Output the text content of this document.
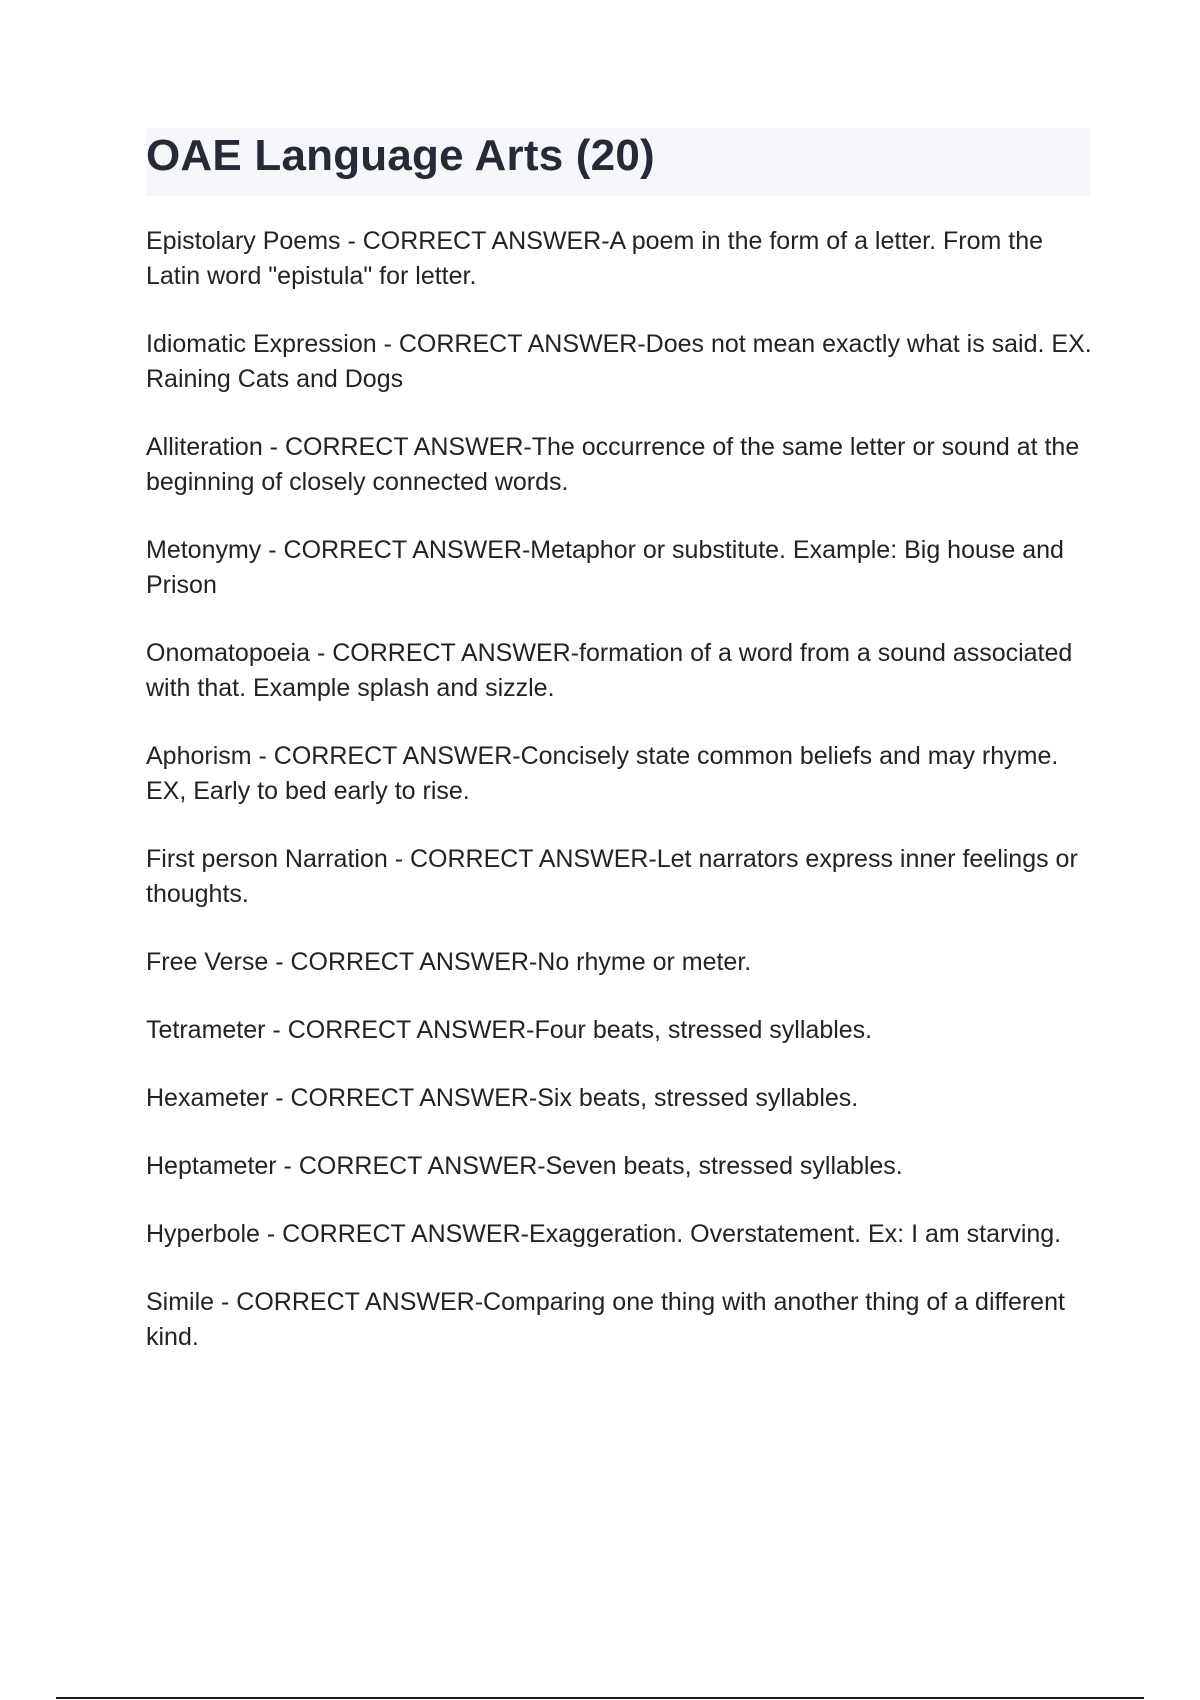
OAE Language Arts (20)
Epistolary Poems - CORRECT ANSWER-A poem in the form of a letter. From the Latin word "epistula" for letter.
Idiomatic Expression - CORRECT ANSWER-Does not mean exactly what is said. EX. Raining Cats and Dogs
Alliteration - CORRECT ANSWER-The occurrence of the same letter or sound at the beginning of closely connected words.
Metonymy - CORRECT ANSWER-Metaphor or substitute. Example: Big house and Prison
Onomatopoeia - CORRECT ANSWER-formation of a word from a sound associated with that. Example splash and sizzle.
Aphorism - CORRECT ANSWER-Concisely state common beliefs and may rhyme. EX, Early to bed early to rise.
First person Narration - CORRECT ANSWER-Let narrators express inner feelings or thoughts.
Free Verse - CORRECT ANSWER-No rhyme or meter.
Tetrameter - CORRECT ANSWER-Four beats, stressed syllables.
Hexameter - CORRECT ANSWER-Six beats, stressed syllables.
Heptameter - CORRECT ANSWER-Seven beats, stressed syllables.
Hyperbole - CORRECT ANSWER-Exaggeration. Overstatement. Ex: I am starving.
Simile - CORRECT ANSWER-Comparing one thing with another thing of a different kind.
